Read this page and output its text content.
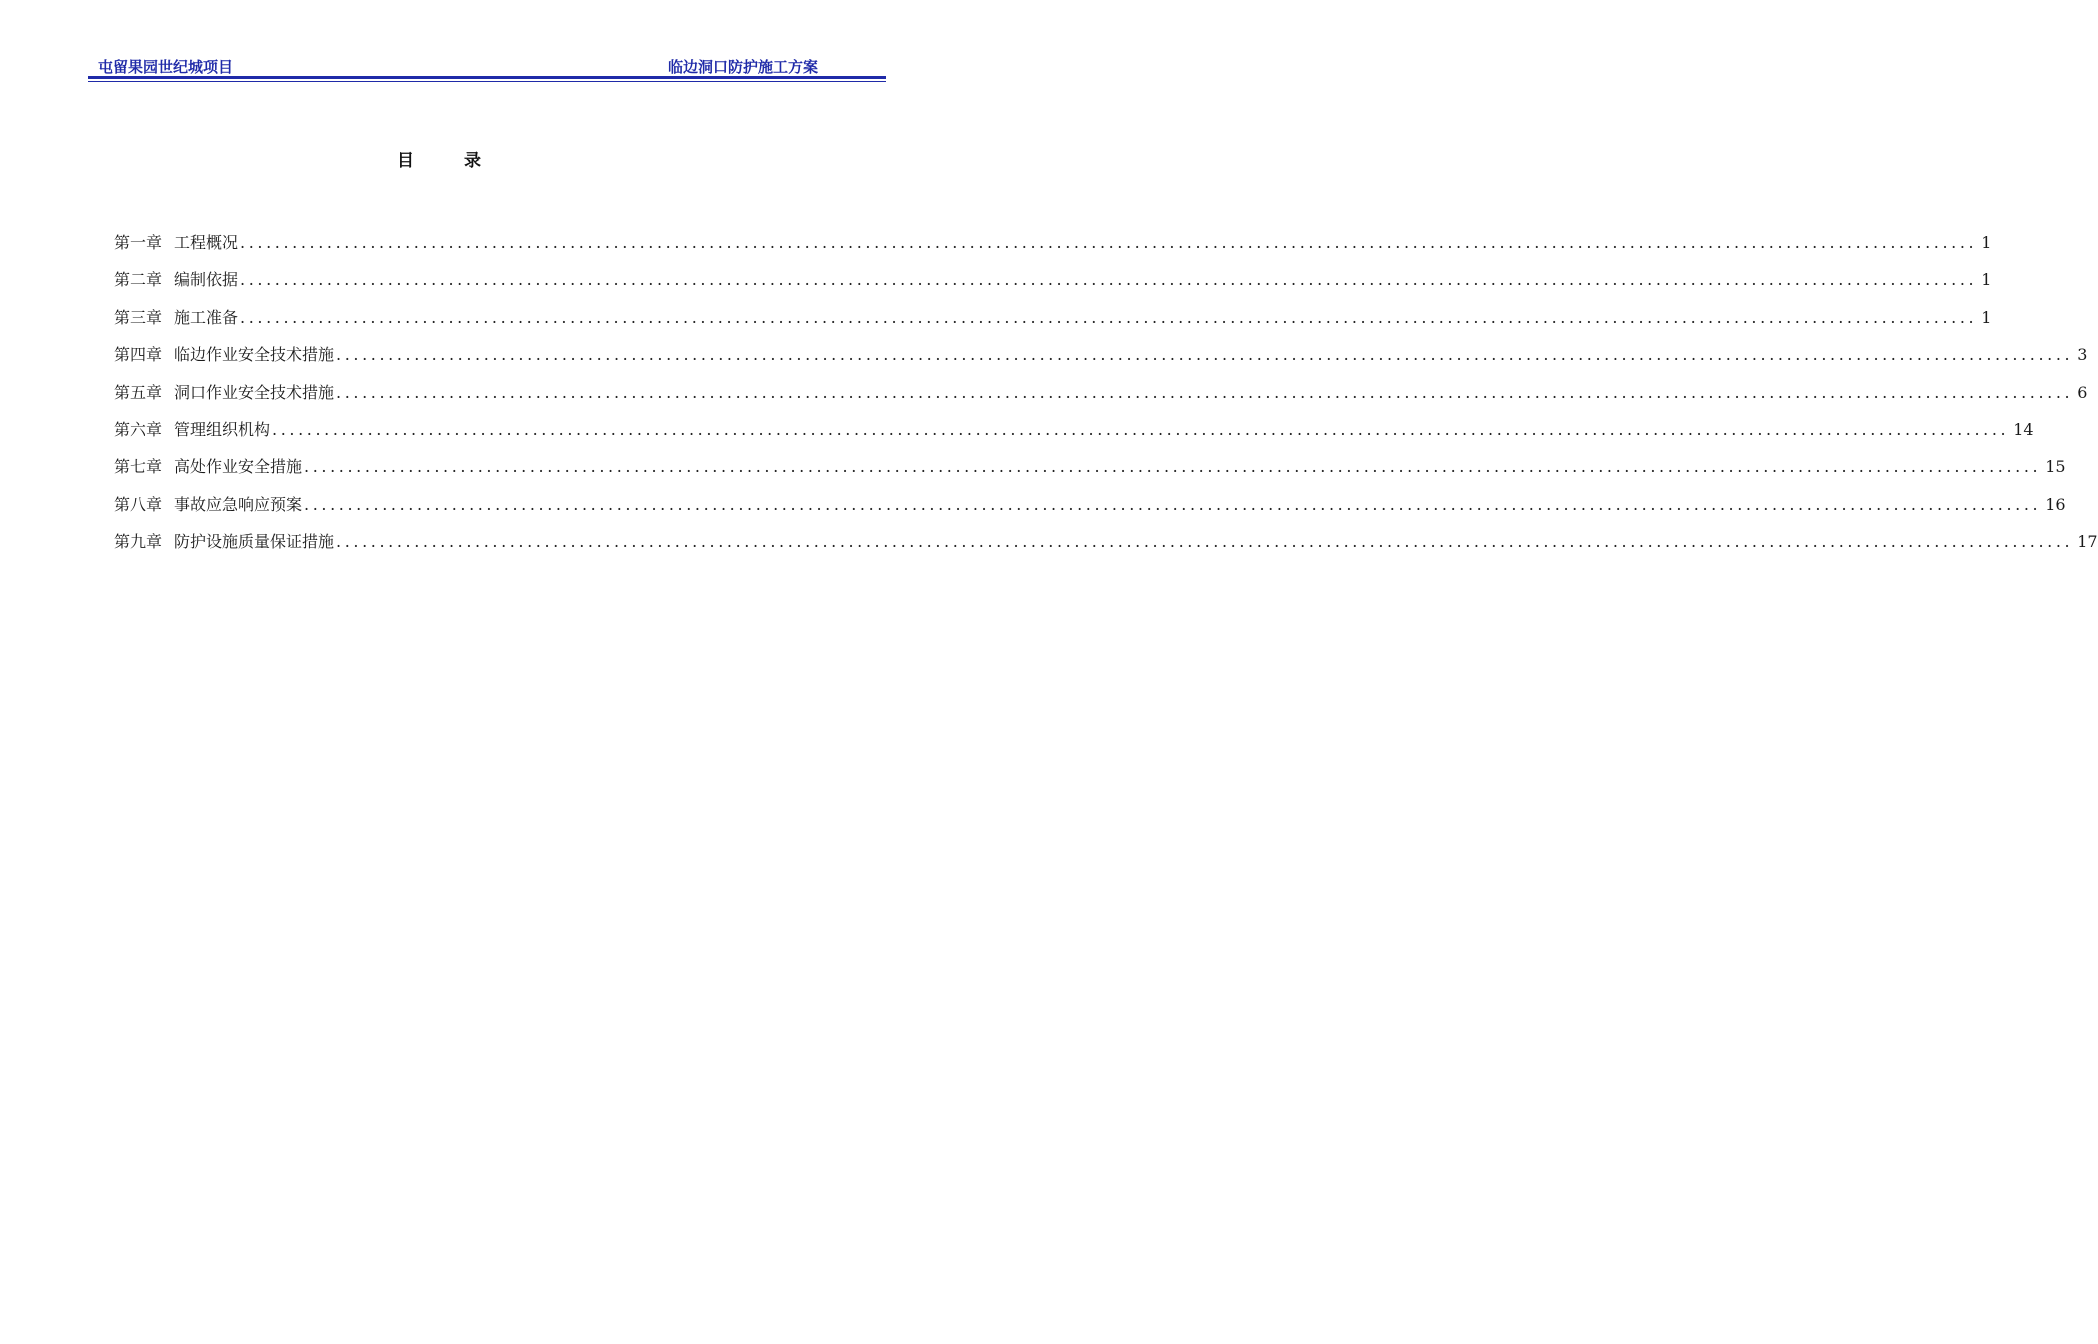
屯留果园世纪城项目	临边洞口防护施工方案
目 录
第一章 工程概况 ........................................................................................................................................................................................................ 1
第二章 编制依据 ........................................................................................................................................................................................................ 1
第三章 施工准备 ........................................................................................................................................................................................................ 1
第四章 临边作业安全技术措施 ........................................................................................................................................................................................................ 3
第五章 洞口作业安全技术措施 ........................................................................................................................................................................................................ 6
第六章 管理组织机构 ........................................................................................................................................................................................................ 14
第七章 高处作业安全措施 ........................................................................................................................................................................................................ 15
第八章 事故应急响应预案 ........................................................................................................................................................................................................ 16
第九章 防护设施质量保证措施 ........................................................................................................................................................................................................ 17
